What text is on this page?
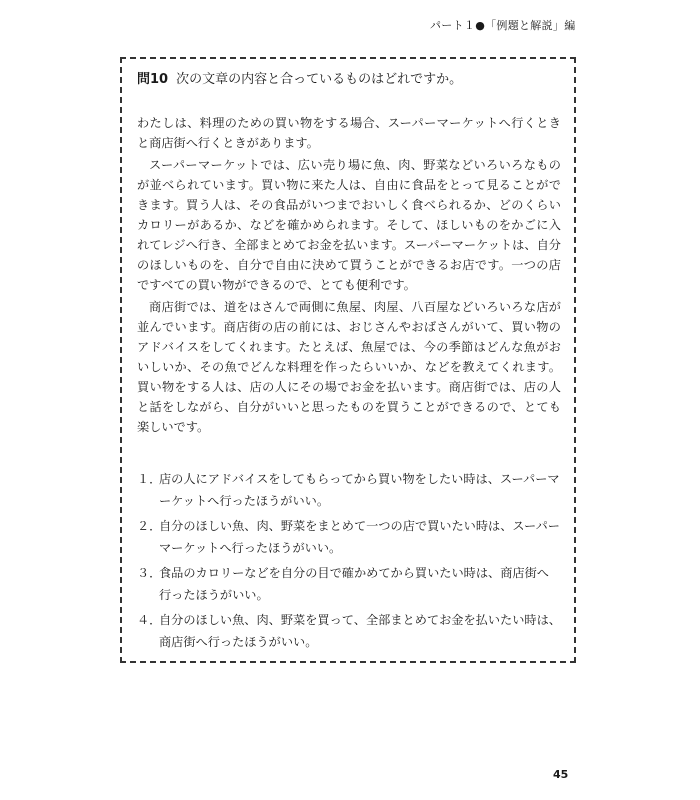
パート１●「例題と解説」編
問10 次の文章の内容と合っているものはどれですか。

わたしは、料理のための買い物をする場合、スーパーマーケットへ行くときと商店街へ行くときがあります。

スーパーマーケットでは、広い売り場に魚、肉、野菜などいろいろなものが並べられています。買い物に来た人は、自由に食品をとって見ることができます。買う人は、その食品がいつまでおいしく食べられるか、どのくらいカロリーがあるか、などを確かめられます。そして、ほしいものをかごに入れてレジへ行き、全部まとめてお金を払います。スーパーマーケットは、自分のほしいものを、自分で自由に決めて買うことができるお店です。一つの店ですべての買い物ができるので、とても便利です。

商店街では、道をはさんで両側に魚屋、肉屋、八百屋などいろいろな店が並んでいます。商店街の店の前には、おじさんやおばさんがいて、買い物のアドバイスをしてくれます。たとえば、魚屋では、今の季節はどんな魚がおいしいか、その魚でどんな料理を作ったらいいか、などを教えてくれます。買い物をする人は、店の人にその場でお金を払います。商店街では、店の人と話をしながら、自分がいいと思ったものを買うことができるので、とても楽しいです。

１．
店の人にアドバイスをしてもらってから買い物をしたい時は、スーパーマーケットへ行ったほうがいい。
２．
自分のほしい魚、肉、野菜をまとめて一つの店で買いたい時は、スーパーマーケットへ行ったほうがいい。
３．
食品のカロリーなどを自分の目で確かめてから買いたい時は、商店街へ行ったほうがいい。
４．
自分のほしい魚、肉、野菜を買って、全部まとめてお金を払いたい時は、商店街へ行ったほうがいい。
45
